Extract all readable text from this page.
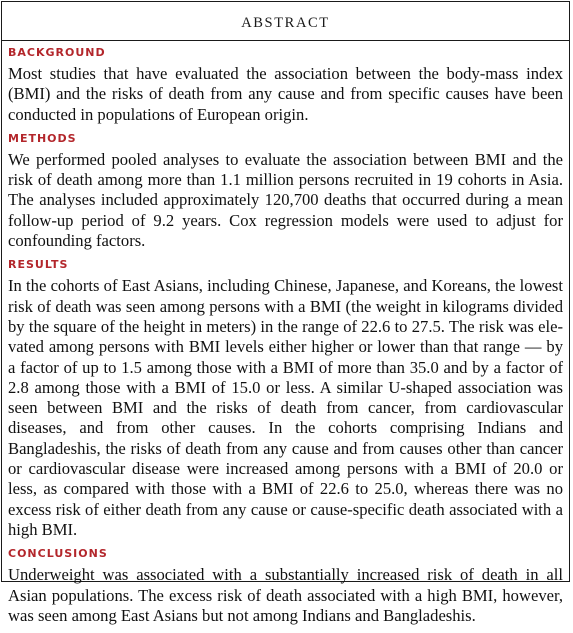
ABSTRACT
BACKGROUND

Most studies that have evaluated the association between the body-mass index (BMI) and the risks of death from any cause and from specific causes have been conducted in populations of European origin.

METHODS

We performed pooled analyses to evaluate the association between BMI and the risk of death among more than 1.1 million persons recruited in 19 cohorts in Asia. The analyses included approximately 120,700 deaths that occurred during a mean follow-up period of 9.2 years. Cox regression models were used to adjust for confounding factors.

RESULTS

In the cohorts of East Asians, including Chinese, Japanese, and Koreans, the lowest risk of death was seen among persons with a BMI (the weight in kilograms divided by the square of the height in meters) in the range of 22.6 to 27.5. The risk was elevated among persons with BMI levels either higher or lower than that range — by a factor of up to 1.5 among those with a BMI of more than 35.0 and by a factor of 2.8 among those with a BMI of 15.0 or less. A similar U-shaped association was seen between BMI and the risks of death from cancer, from cardiovascular diseases, and from other causes. In the cohorts comprising Indians and Bangladeshis, the risks of death from any cause and from causes other than cancer or cardiovascular disease were increased among persons with a BMI of 20.0 or less, as compared with those with a BMI of 22.6 to 25.0, whereas there was no excess risk of either death from any cause or cause-specific death associated with a high BMI.

CONCLUSIONS

Underweight was associated with a substantially increased risk of death in all Asian populations. The excess risk of death associated with a high BMI, however, was seen among East Asians but not among Indians and Bangladeshis.
